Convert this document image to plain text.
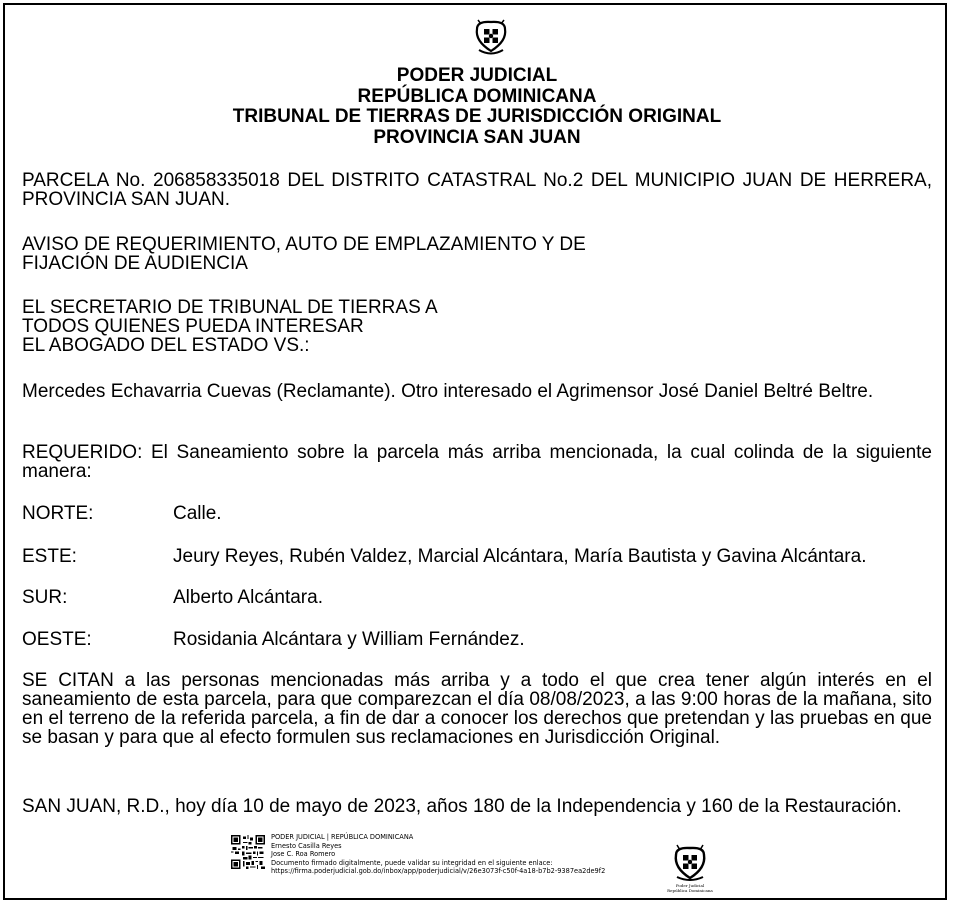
PODER JUDICIAL
REPÚBLICA DOMINICANA
TRIBUNAL DE TIERRAS DE JURISDICCIÓN ORIGINAL
PROVINCIA SAN JUAN
PARCELA No. 206858335018 DEL DISTRITO CATASTRAL No.2 DEL MUNICIPIO JUAN DE HERRERA, PROVINCIA SAN JUAN.
AVISO DE REQUERIMIENTO, AUTO DE EMPLAZAMIENTO Y DE
FIJACIÓN DE AUDIENCIA
EL SECRETARIO DE TRIBUNAL DE TIERRAS A
TODOS QUIENES PUEDA INTERESAR
EL ABOGADO DEL ESTADO VS.:
Mercedes Echavarria Cuevas (Reclamante). Otro interesado el Agrimensor José Daniel Beltré Beltre.
REQUERIDO: El Saneamiento sobre la parcela más arriba mencionada, la cual colinda de la siguiente manera:
NORTE:	Calle.
ESTE:	Jeury Reyes, Rubén Valdez, Marcial Alcántara, María Bautista y Gavina Alcántara.
SUR:	Alberto Alcántara.
OESTE:	Rosidania Alcántara y William Fernández.
SE CITAN a las personas mencionadas más arriba y a todo el que crea tener algún interés en el saneamiento de esta parcela, para que comparezcan el día 08/08/2023, a las 9:00 horas de la mañana, sito en el terreno de la referida parcela, a fin de dar a conocer los derechos que pretendan y las pruebas en que se basan y para que al efecto formulen sus reclamaciones en Jurisdicción Original.
SAN JUAN, R.D., hoy día 10 de mayo de 2023, años 180 de la Independencia y 160 de la Restauración.
PODER JUDICIAL | REPÚBLICA DOMINICANA
Ernesto Casilla Reyes
Jose C. Roa Romero
Documento firmado digitalmente, puede validar su integridad en el siguiente enlace:
https://firma.poderjudicial.gob.do/inbox/app/poderjudicial/v/26e3073f-c50f-4a18-b7b2-9387ea2de9f2
Poder Judicial
República Dominicana
